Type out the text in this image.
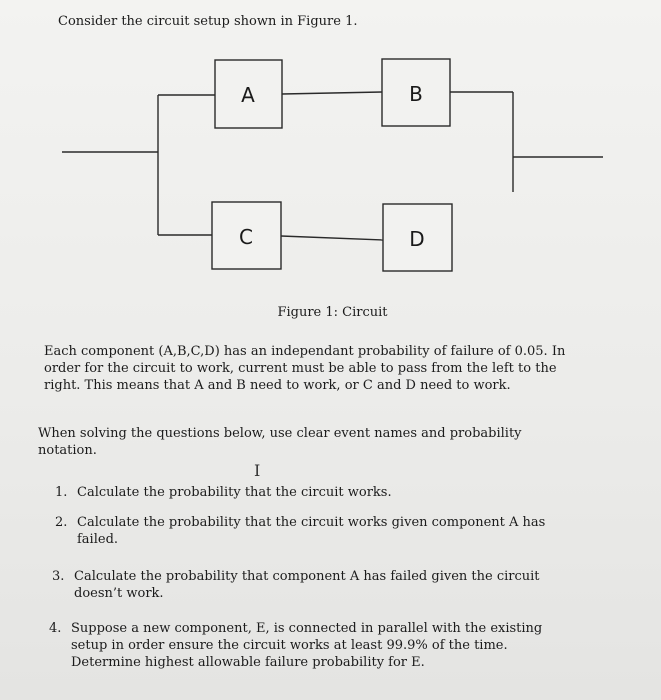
Consider the circuit setup shown in Figure 1.

A	B
C	D

Figure 1: Circuit

Each component (A,B,C,D) has an independant probability of failure of 0.05. In order for the circuit to work, current must be able to pass from the left to the right. This means that A and B need to work, or C and D need to work.

When solving the questions below, use clear event names and probability notation.

I

1. Calculate the probability that the circuit works.
2. Calculate the probability that the circuit works given component A has failed.
3. Calculate the probability that component A has failed given the circuit doesn’t work.
4. Suppose a new component, E, is connected in parallel with the existing setup in order ensure the circuit works at least 99.9% of the time. Determine highest allowable failure probability for E.
